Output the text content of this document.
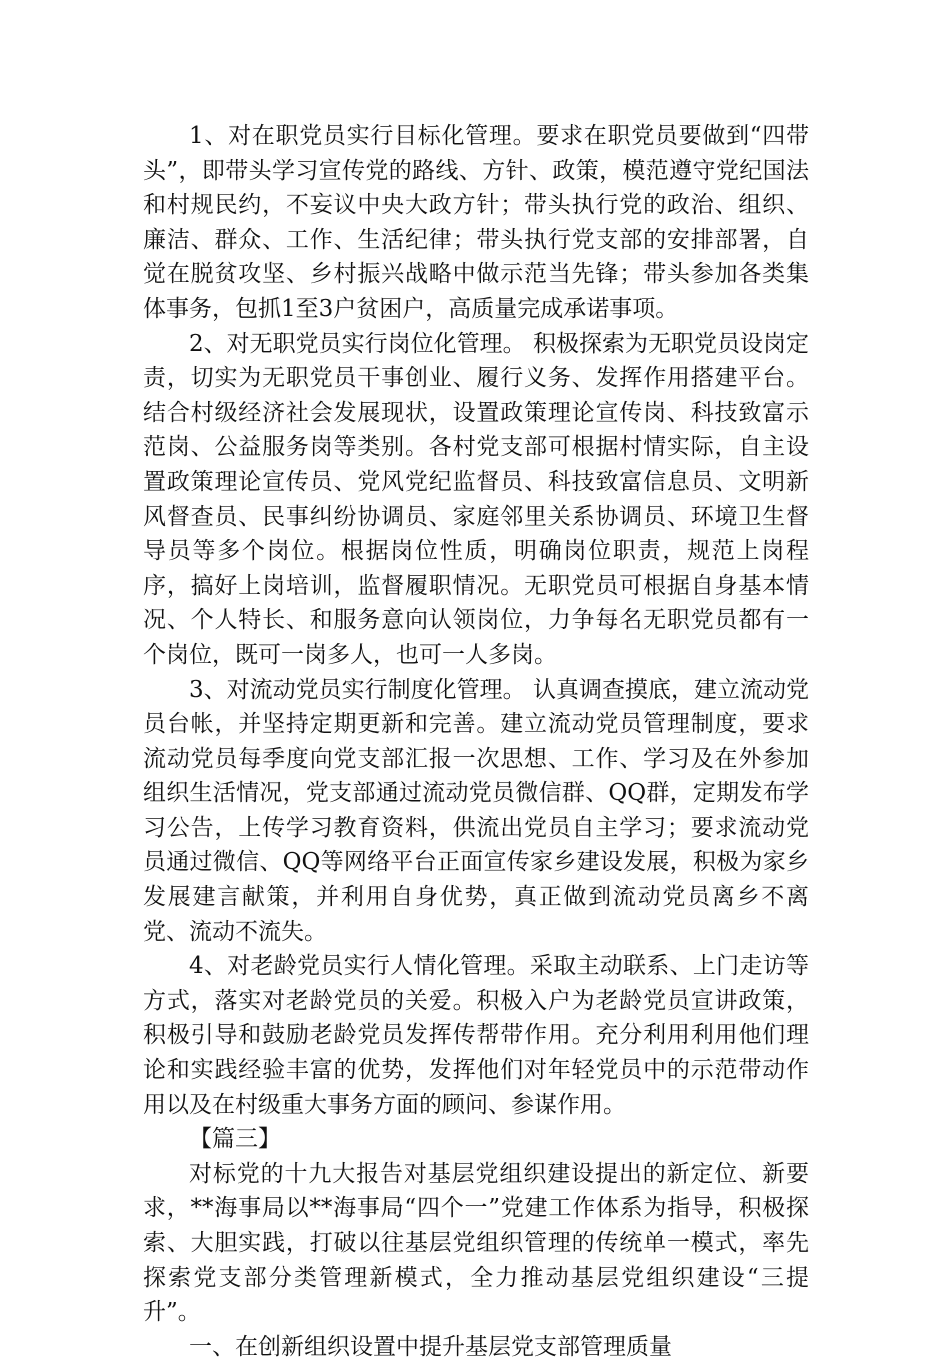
1、对在职党员实行目标化管理。要求在职党员要做到“四带头”，即带头学习宣传党的路线、方针、政策，模范遵守党纪国法和村规民约，不妄议中央大政方针；带头执行党的政治、组织、廉洁、群众、工作、生活纪律；带头执行党支部的安排部署，自觉在脱贫攻坚、乡村振兴战略中做示范当先锋；带头参加各类集体事务，包抓1至3户贫困户，高质量完成承诺事项。

2、对无职党员实行岗位化管理。 积极探索为无职党员设岗定责，切实为无职党员干事创业、履行义务、发挥作用搭建平台。结合村级经济社会发展现状，设置政策理论宣传岗、科技致富示范岗、公益服务岗等类别。各村党支部可根据村情实际，自主设置政策理论宣传员、党风党纪监督员、科技致富信息员、文明新风督查员、民事纠纷协调员、家庭邻里关系协调员、环境卫生督导员等多个岗位。根据岗位性质，明确岗位职责，规范上岗程序，搞好上岗培训，监督履职情况。无职党员可根据自身基本情况、个人特长、和服务意向认领岗位，力争每名无职党员都有一个岗位，既可一岗多人，也可一人多岗。

3、对流动党员实行制度化管理。 认真调查摸底，建立流动党员台帐，并坚持定期更新和完善。建立流动党员管理制度，要求流动党员每季度向党支部汇报一次思想、工作、学习及在外参加组织生活情况，党支部通过流动党员微信群、QQ群，定期发布学习公告，上传学习教育资料，供流出党员自主学习；要求流动党员通过微信、QQ等网络平台正面宣传家乡建设发展，积极为家乡发展建言献策，并利用自身优势，真正做到流动党员离乡不离党、流动不流失。

4、对老龄党员实行人情化管理。采取主动联系、上门走访等方式，落实对老龄党员的关爱。积极入户为老龄党员宣讲政策，积极引导和鼓励老龄党员发挥传帮带作用。充分利用利用他们理论和实践经验丰富的优势，发挥他们对年轻党员中的示范带动作用以及在村级重大事务方面的顾问、参谋作用。

【篇三】

对标党的十九大报告对基层党组织建设提出的新定位、新要求，**海事局以**海事局“四个一”党建工作体系为指导，积极探索、大胆实践，打破以往基层党组织管理的传统单一模式，率先探索党支部分类管理新模式，全力推动基层党组织建设“三提升”。

一、在创新组织设置中提升基层党支部管理质量
